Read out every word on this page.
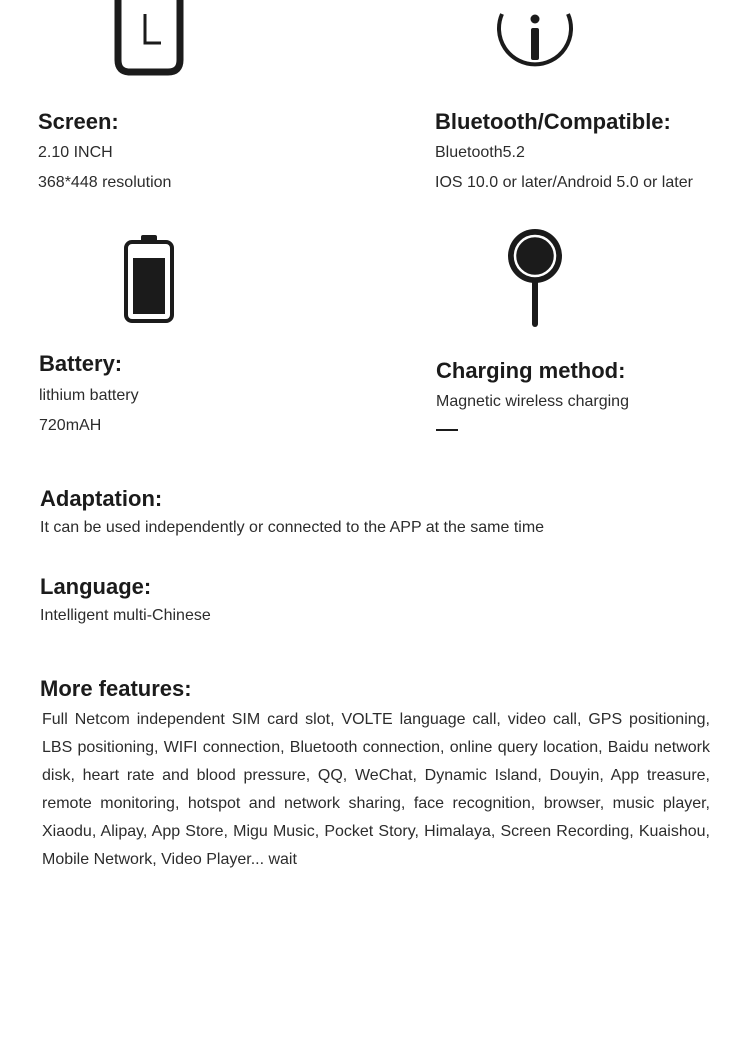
Screen:
2.10 INCH
368*448 resolution
Bluetooth/Compatible:
Bluetooth5.2
IOS 10.0 or later/Android 5.0 or later
Battery:
lithium battery
720mAH
Charging method:
Magnetic wireless charging
Adaptation:
It can be used independently or connected to the APP at the same time
Language:
Intelligent multi-Chinese
More features:
Full Netcom independent SIM card slot, VOLTE language call, video call, GPS positioning, LBS positioning, WIFI connection, Bluetooth connection, online query location, Baidu network disk, heart rate and blood pressure, QQ, WeChat, Dynamic Island, Douyin, App treasure, remote monitoring, hotspot and network sharing, face recognition, browser, music player, Xiaodu, Alipay, App Store, Migu Music, Pocket Story, Himalaya, Screen Recording, Kuaishou, Mobile Network, Video Player... wait
